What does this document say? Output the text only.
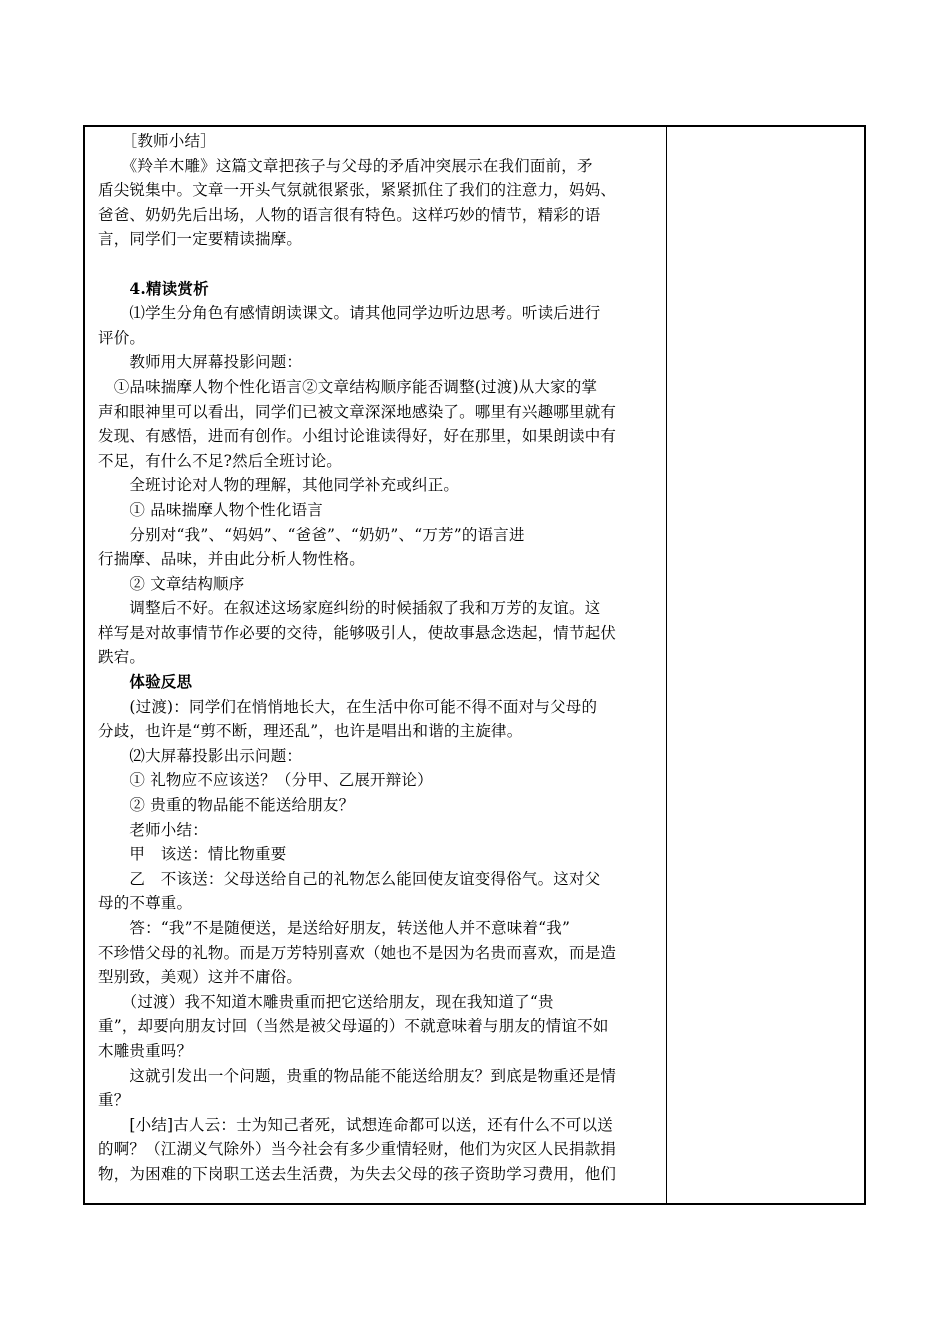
　　［教师小结］
　　《羚羊木雕》这篇文章把孩子与父母的矛盾冲突展示在我们面前，矛
盾尖锐集中。文章一开头气氛就很紧张，紧紧抓住了我们的注意力，妈妈、
爸爸、奶奶先后出场，人物的语言很有特色。这样巧妙的情节，精彩的语
言，同学们一定要精读揣摩。
　　4.精读赏析
　　⑴学生分角色有感情朗读课文。请其他同学边听边思考。听读后进行
评价。
　　教师用大屏幕投影问题：
　①品味揣摩人物个性化语言②文章结构顺序能否调整(过渡)从大家的掌
声和眼神里可以看出，同学们已被文章深深地感染了。哪里有兴趣哪里就有
发现、有感悟，进而有创作。小组讨论谁读得好，好在那里，如果朗读中有
不足，有什么不足?然后全班讨论。
　　全班讨论对人物的理解，其他同学补充或纠正。
　　① 品味揣摩人物个性化语言
　　分别对“我”、“妈妈”、“爸爸”、“奶奶”、“万芳”的语言进
行揣摩、品味，并由此分析人物性格。
　　② 文章结构顺序
　　调整后不好。在叙述这场家庭纠纷的时候插叙了我和万芳的友谊。这
样写是对故事情节作必要的交待，能够吸引人，使故事悬念迭起，情节起伏
跌宕。
　　体验反思
　　(过渡)：同学们在悄悄地长大，在生活中你可能不得不面对与父母的
分歧，也许是“剪不断，理还乱”，也许是唱出和谐的主旋律。
　　⑵大屏幕投影出示问题：
　　① 礼物应不应该送？（分甲、乙展开辩论）
　　② 贵重的物品能不能送给朋友？
　　老师小结：
　　甲　该送：情比物重要
　　乙　不该送：父母送给自己的礼物怎么能回使友谊变得俗气。这对父
母的不尊重。
　　答：“我”不是随便送，是送给好朋友，转送他人并不意味着“我”
不珍惜父母的礼物。而是万芳特别喜欢（她也不是因为名贵而喜欢，而是造
型别致，美观）这并不庸俗。
　　（过渡）我不知道木雕贵重而把它送给朋友，现在我知道了“贵
重”，却要向朋友讨回（当然是被父母逼的）不就意味着与朋友的情谊不如
木雕贵重吗？
　　这就引发出一个问题，贵重的物品能不能送给朋友？到底是物重还是情
重？
　　[小结]古人云：士为知己者死，试想连命都可以送，还有什么不可以送
的啊？（江湖义气除外）当今社会有多少重情轻财，他们为灾区人民捐款捐
物，为困难的下岗职工送去生活费，为失去父母的孩子资助学习费用，他们
